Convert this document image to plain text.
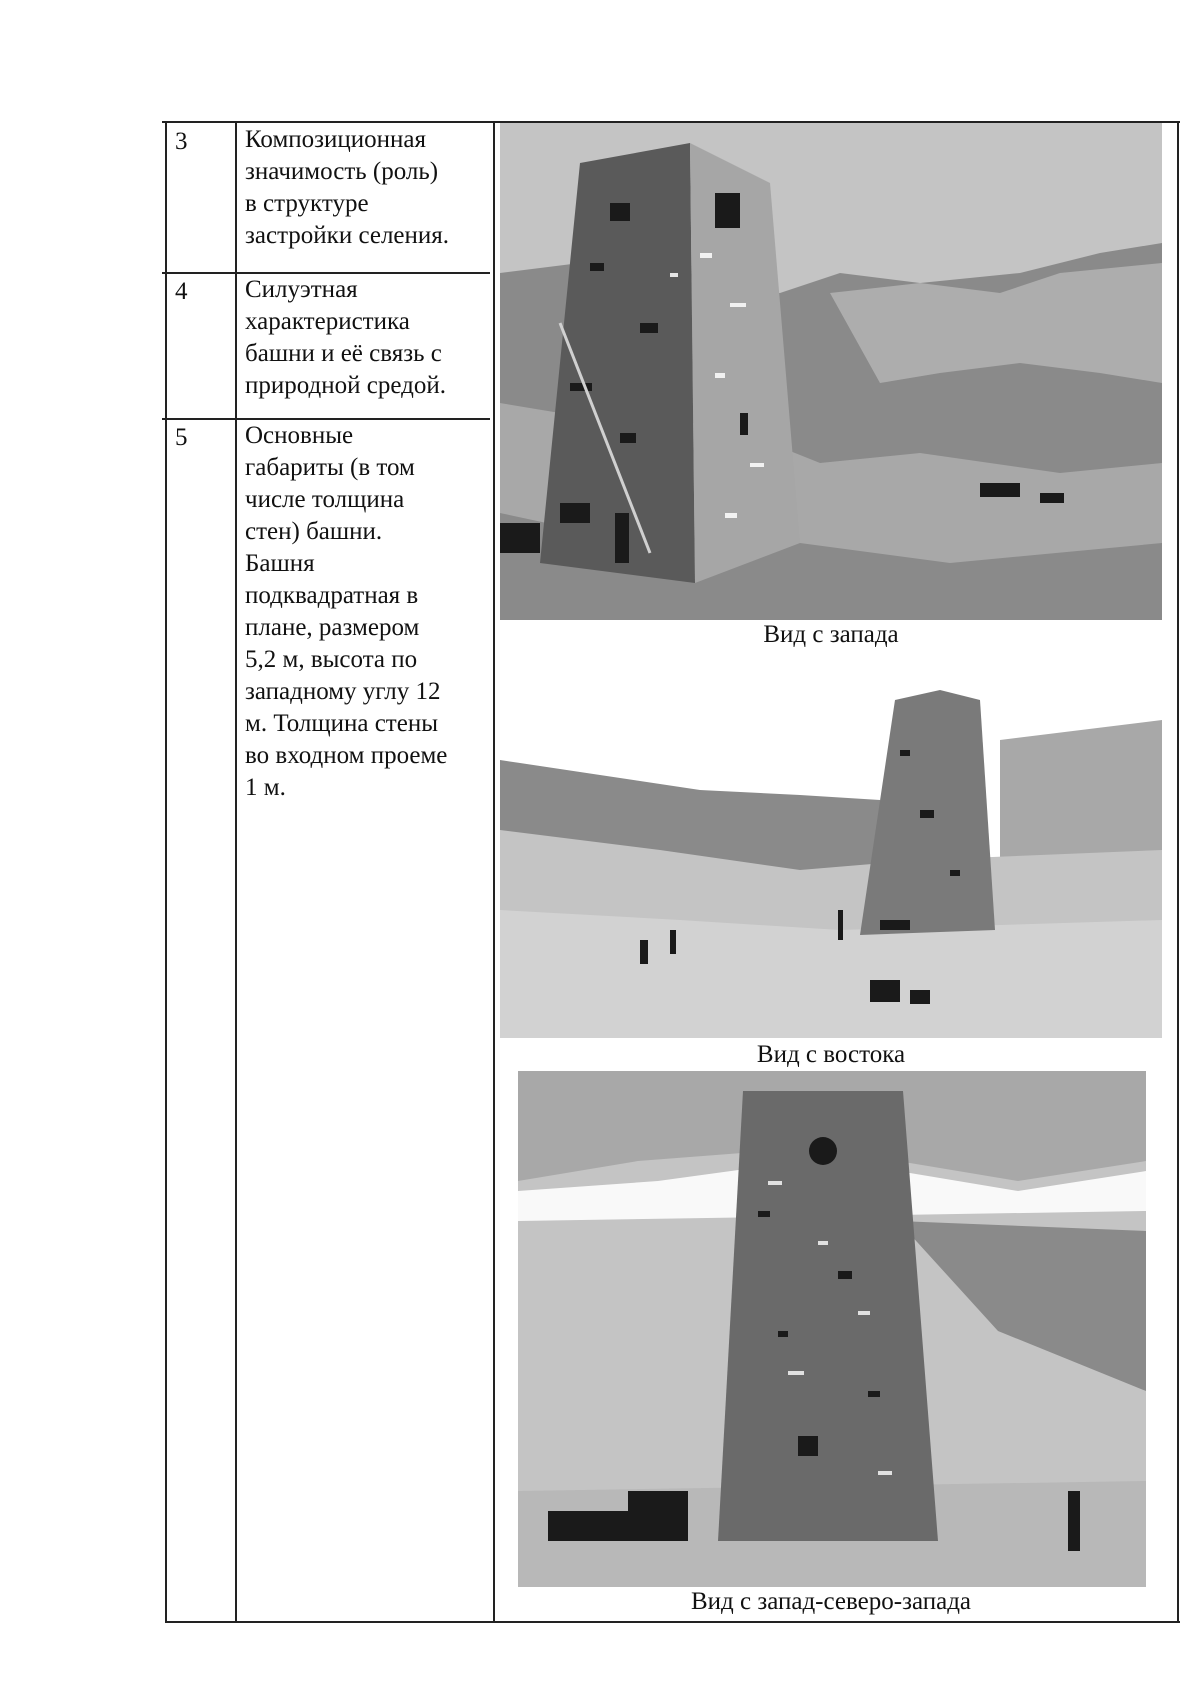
3
4
5
Композиционная
значимость (роль)
в структуре
застройки селения.
Силуэтная
характеристика
башни и её связь с
природной средой.
Основные
габариты (в том
числе толщина
стен) башни.
Башня
подквадратная в
плане, размером
5,2 м, высота по
западному углу 12
м. Толщина стены
во входном проеме
1 м.
Вид с запада
Вид с востока
Вид с запад-северо-запада
